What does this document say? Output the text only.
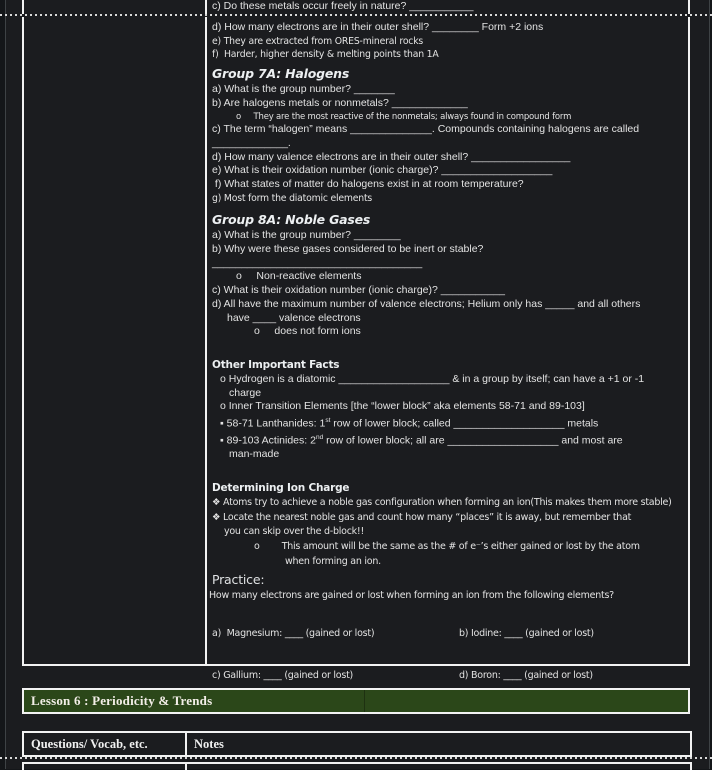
c) Do these metals occur freely in nature? ___________
d) How many electrons are in their outer shell? ________ Form +2 ions
e) They are extracted from ORES-mineral rocks
f)  Harder, higher density & melting points than 1A
Group 7A: Halogens
a) What is the group number? _______
b) Are halogens metals or nonmetals? _____________
o     They are the most reactive of the nonmetals; always found in compound form
c) The term “halogen” means ______________. Compounds containing halogens are called
_____________.
d) How many valence electrons are in their outer shell? _________________
e) What is their oxidation number (ionic charge)? ___________________
f) What states of matter do halogens exist in at room temperature?
g) Most form the diatomic elements
Group 8A: Noble Gases
a) What is the group number? ________
b) Why were these gases considered to be inert or stable? ____________________________________
o     Non-reactive elements
c) What is their oxidation number (ionic charge)? ___________
d) All have the maximum number of valence electrons; Helium only has _____ and all others
have ____ valence electrons
o     does not form ions
Other Important Facts
o Hydrogen is a diatomic ___________________ & in a group by itself; can have a +1 or -1
charge
o Inner Transition Elements [the “lower block” aka elements 58-71 and 89-103]
▪ 58-71 Lanthanides: 1st row of lower block; called ___________________ metals
▪ 89-103 Actinides: 2nd row of lower block; all are ___________________ and most are
man-made
Determining Ion Charge
❖ Atoms try to achieve a noble gas configuration when forming an ion(This makes them more stable)
❖ Locate the nearest noble gas and count how many “places” it is away, but remember that
you can skip over the d-block!!
o        This amount will be the same as the # of e⁻’s either gained or lost by the atom
when forming an ion.
Practice:
How many electrons are gained or lost when forming an ion from the following elements?
a)  Magnesium: ____ (gained or lost)	b) Iodine: ____ (gained or lost)
c) Gallium: ____ (gained or lost)	d) Boron: ____ (gained or lost)
Lesson 6 : Periodicity & Trends
Questions/ Vocab, etc.	Notes
